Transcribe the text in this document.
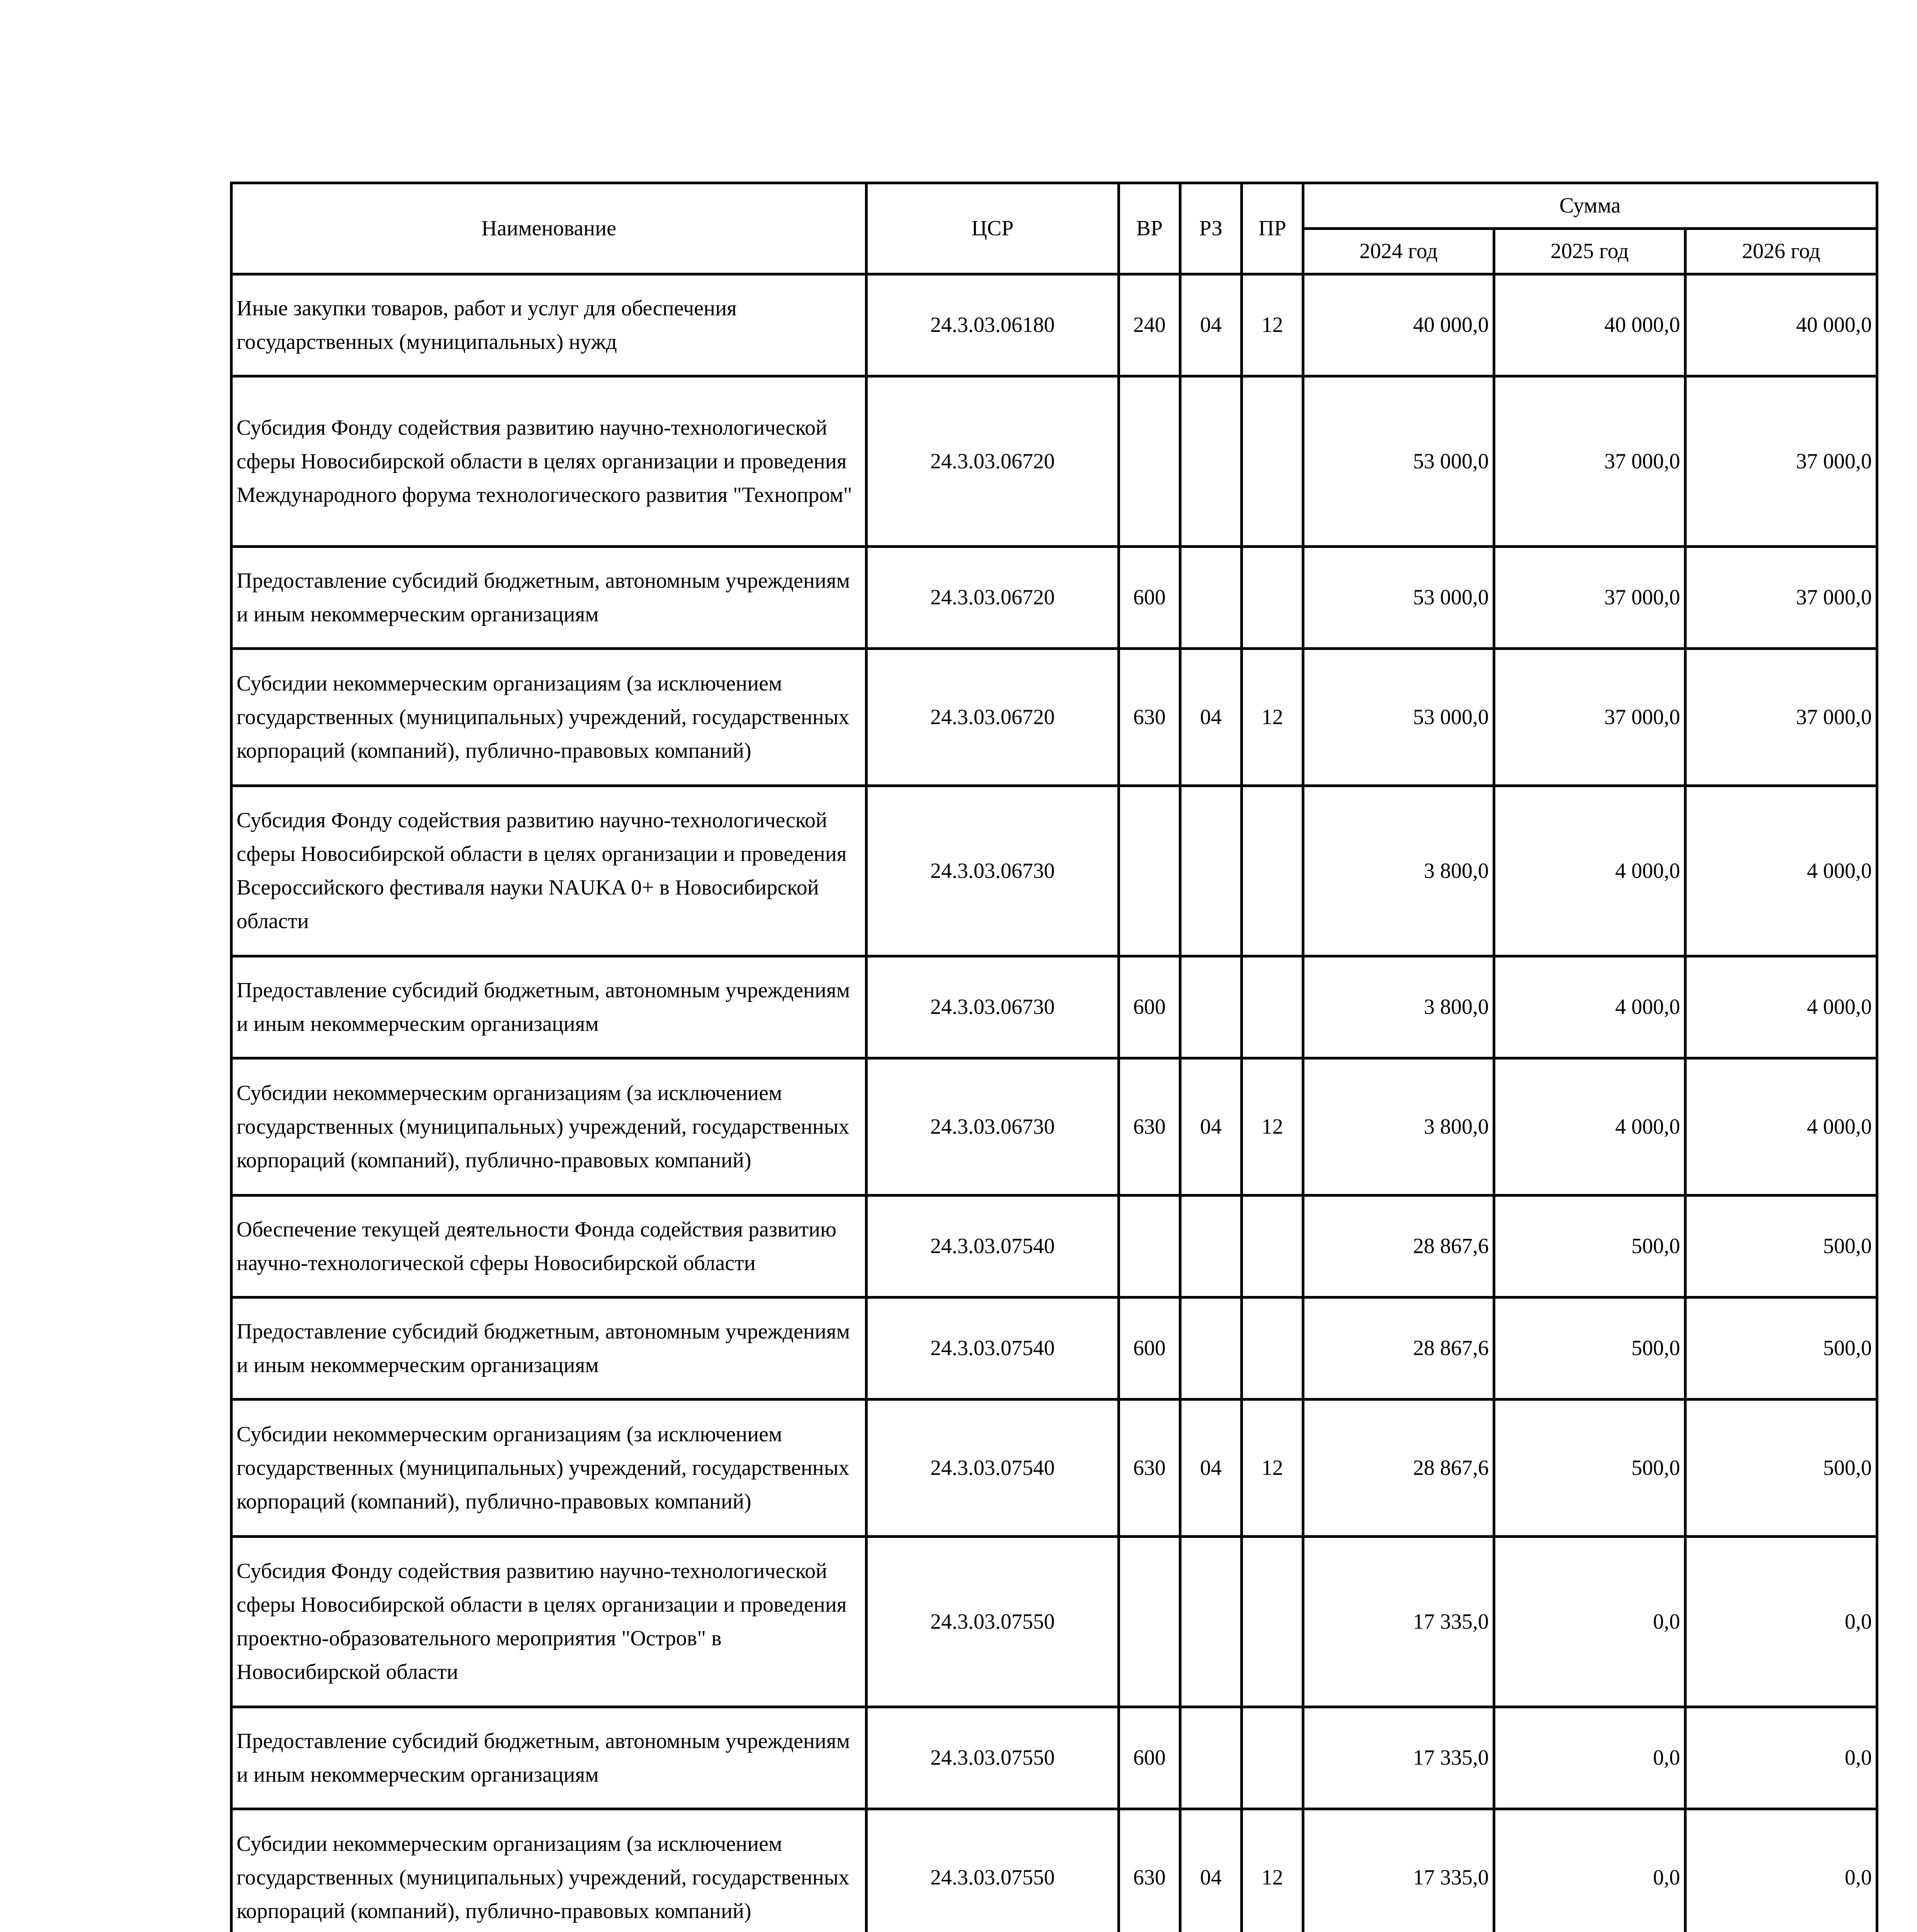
Наименование	ЦСР	ВР	РЗ	ПР	Сумма		
					2024 год	2025 год	2026 год
Иные закупки товаров, работ и услуг для обеспечения государственных (муниципальных) нужд	24.3.03.06180	240	04	12	40 000,0	40 000,0	40 000,0
Субсидия Фонду содействия развитию научно-технологической сферы Новосибирской области в целях организации и проведения Международного форума технологического развития "Технопром"	24.3.03.06720				53 000,0	37 000,0	37 000,0
Предоставление субсидий бюджетным, автономным учреждениям и иным некоммерческим организациям	24.3.03.06720	600			53 000,0	37 000,0	37 000,0
Субсидии некоммерческим организациям (за исключением государственных (муниципальных) учреждений, государственных корпораций (компаний), публично-правовых компаний)	24.3.03.06720	630	04	12	53 000,0	37 000,0	37 000,0
Субсидия Фонду содействия развитию научно-технологической сферы Новосибирской области в целях организации и проведения Всероссийского фестиваля науки NAUKA 0+ в Новосибирской области	24.3.03.06730				3 800,0	4 000,0	4 000,0
Предоставление субсидий бюджетным, автономным учреждениям и иным некоммерческим организациям	24.3.03.06730	600			3 800,0	4 000,0	4 000,0
Субсидии некоммерческим организациям (за исключением государственных (муниципальных) учреждений, государственных корпораций (компаний), публично-правовых компаний)	24.3.03.06730	630	04	12	3 800,0	4 000,0	4 000,0
Обеспечение текущей деятельности Фонда содействия развитию научно-технологической сферы Новосибирской области	24.3.03.07540				28 867,6	500,0	500,0
Предоставление субсидий бюджетным, автономным учреждениям и иным некоммерческим организациям	24.3.03.07540	600			28 867,6	500,0	500,0
Субсидии некоммерческим организациям (за исключением государственных (муниципальных) учреждений, государственных корпораций (компаний), публично-правовых компаний)	24.3.03.07540	630	04	12	28 867,6	500,0	500,0
Субсидия Фонду содействия развитию научно-технологической сферы Новосибирской области в целях организации и проведения проектно-образовательного мероприятия "Остров" в Новосибирской области	24.3.03.07550				17 335,0	0,0	0,0
Предоставление субсидий бюджетным, автономным учреждениям и иным некоммерческим организациям	24.3.03.07550	600			17 335,0	0,0	0,0
Субсидии некоммерческим организациям (за исключением государственных (муниципальных) учреждений, государственных корпораций (компаний), публично-правовых компаний)	24.3.03.07550	630	04	12	17 335,0	0,0	0,0
